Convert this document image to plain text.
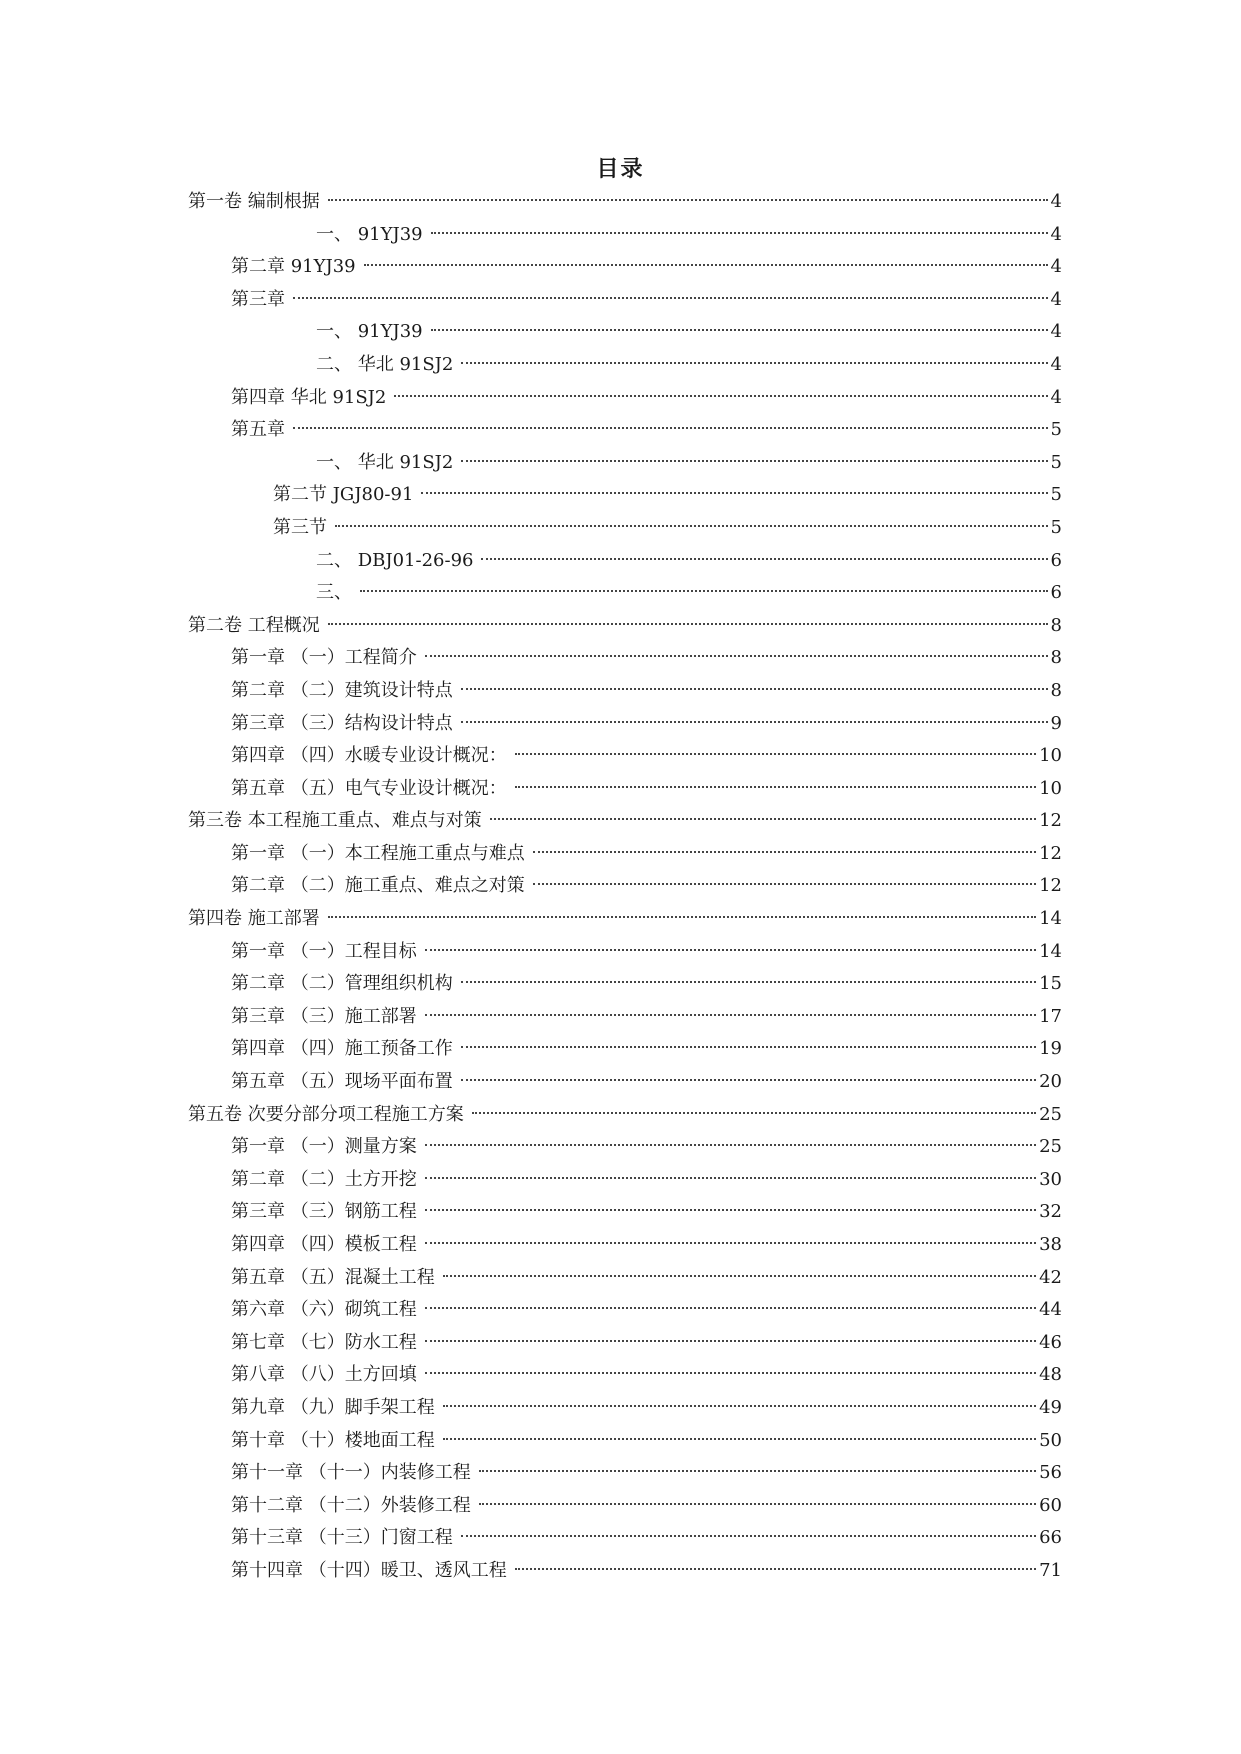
目录
第一卷 编制根据	4
一、 91YJ39	4
第二章 91YJ39	4
第三章	4
一、 91YJ39	4
二、 华北 91SJ2	4
第四章 华北 91SJ2	4
第五章	5
一、 华北 91SJ2	5
第二节 JGJ80-91	5
第三节	5
二、 DBJ01-26-96	6
三、	6
第二卷 工程概况	8
第一章 （一）工程简介	8
第二章 （二）建筑设计特点	8
第三章 （三）结构设计特点	9
第四章 （四）水暖专业设计概况：	10
第五章 （五）电气专业设计概况：	10
第三卷 本工程施工重点、难点与对策	12
第一章 （一）本工程施工重点与难点	12
第二章 （二）施工重点、难点之对策	12
第四卷 施工部署	14
第一章 （一）工程目标	14
第二章 （二）管理组织机构	15
第三章 （三）施工部署	17
第四章 （四）施工预备工作	19
第五章 （五）现场平面布置	20
第五卷 次要分部分项工程施工方案	25
第一章 （一）测量方案	25
第二章 （二）土方开挖	30
第三章 （三）钢筋工程	32
第四章 （四）模板工程	38
第五章 （五）混凝土工程	42
第六章 （六）砌筑工程	44
第七章 （七）防水工程	46
第八章 （八）土方回填	48
第九章 （九）脚手架工程	49
第十章 （十）楼地面工程	50
第十一章 （十一）内装修工程	56
第十二章 （十二）外装修工程	60
第十三章 （十三）门窗工程	66
第十四章 （十四）暖卫、透风工程	71
